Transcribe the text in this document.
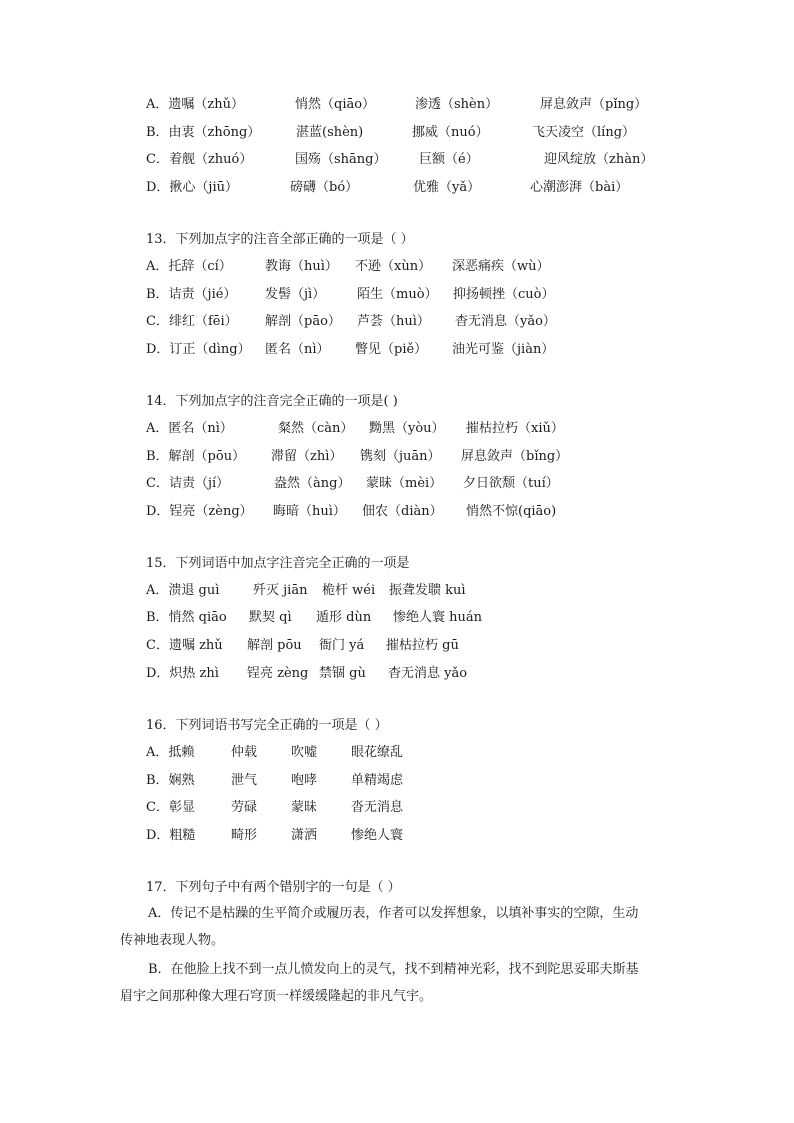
A．遗嘱（zhǔ）	悄然（qiāo）	渗透（shèn）	屏息敛声（pǐng）
B．由衷（zhōng）	湛蓝(shèn)	挪威（nuó）	飞天凌空（líng）
C．着舰（zhuó）	国殇（shāng）	巨额（é）	迎风绽放（zhàn）
D．揪心（jiū）	磅礴（bó）	优雅（yǎ）	心潮澎湃（bài）
13．下列加点字的注音全部正确的一项是（ ）
A．托辞（cí）	教诲（huì） 不逊（xùn） 深恶痛疾（wù）
B．诘责（jié） 发髻（jì） 陌生（muò） 抑扬顿挫（cuò）
C．绯红（fēi） 解剖（pāo） 芦荟（huì） 杳无消息（yǎo）
D．订正（dìng） 匿名（nì） 瞥见（piě） 油光可鉴（jiàn）
14．下列加点字的注音完全正确的一项是( )
A．匿名（nì）	粲然（càn） 黝黑（yòu） 摧枯拉朽（xiǔ）
B．解剖（pōu） 滞留（zhì） 镌刻（juān） 屏息敛声（bǐng）
C．诘责（jí）	盎然（àng） 蒙昧（mèi） 夕日欲颓（tuí）
D．锃亮（zèng） 晦暗（huì） 佃农（diàn） 悄然不惊(qiāo)
15．下列词语中加点字注音完全正确的一项是
A．溃退 guì	歼灭 jiān 桅杆 wéi 振聋发聩 kuì
B．悄然 qiāo 默契 qì 遁形 dùn 惨绝人寰 huán
C．遗嘱 zhǔ 解剖 pōu 衙门 yá 摧枯拉朽 gū
D．炽热 zhì 锃亮 zèng 禁锢 gù 杳无消息 yǎo
16．下列词语书写完全正确的一项是（ ）
A．抵赖	仲载	吹嘘	眼花缭乱
B．娴熟	泄气	咆哮	单精竭虑
C．彰显	劳碌	蒙昧	沓无消息
D．粗糙	畸形	潇洒	惨绝人寰
17．下列句子中有两个错别字的一句是（ ）
A．传记不是枯躁的生平简介或履历表，作者可以发挥想象，以填补事实的空隙，生动
传神地表现人物。
B．在他脸上找不到一点儿愤发向上的灵气，找不到精神光彩，找不到陀思妥耶夫斯基
眉宇之间那种像大理石穹顶一样缓缓隆起的非凡气宇。
